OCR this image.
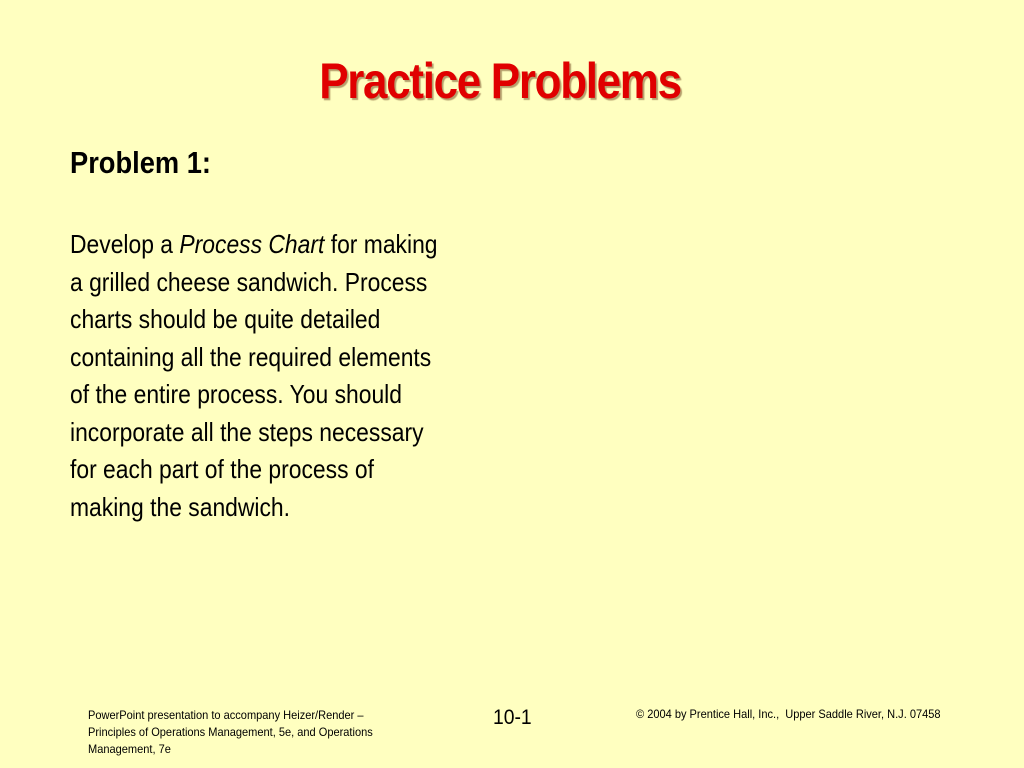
Practice Problems
Problem 1:
Develop a Process Chart for making
a grilled cheese sandwich. Process
charts should be quite detailed
containing all the required elements
of the entire process. You should
incorporate all the steps necessary
for each part of the process of
making the sandwich.
PowerPoint presentation to accompany Heizer/Render –
Principles of Operations Management, 5e, and Operations
Management, 7e
10-1	© 2004 by Prentice Hall, Inc.,  Upper Saddle River, N.J. 07458
